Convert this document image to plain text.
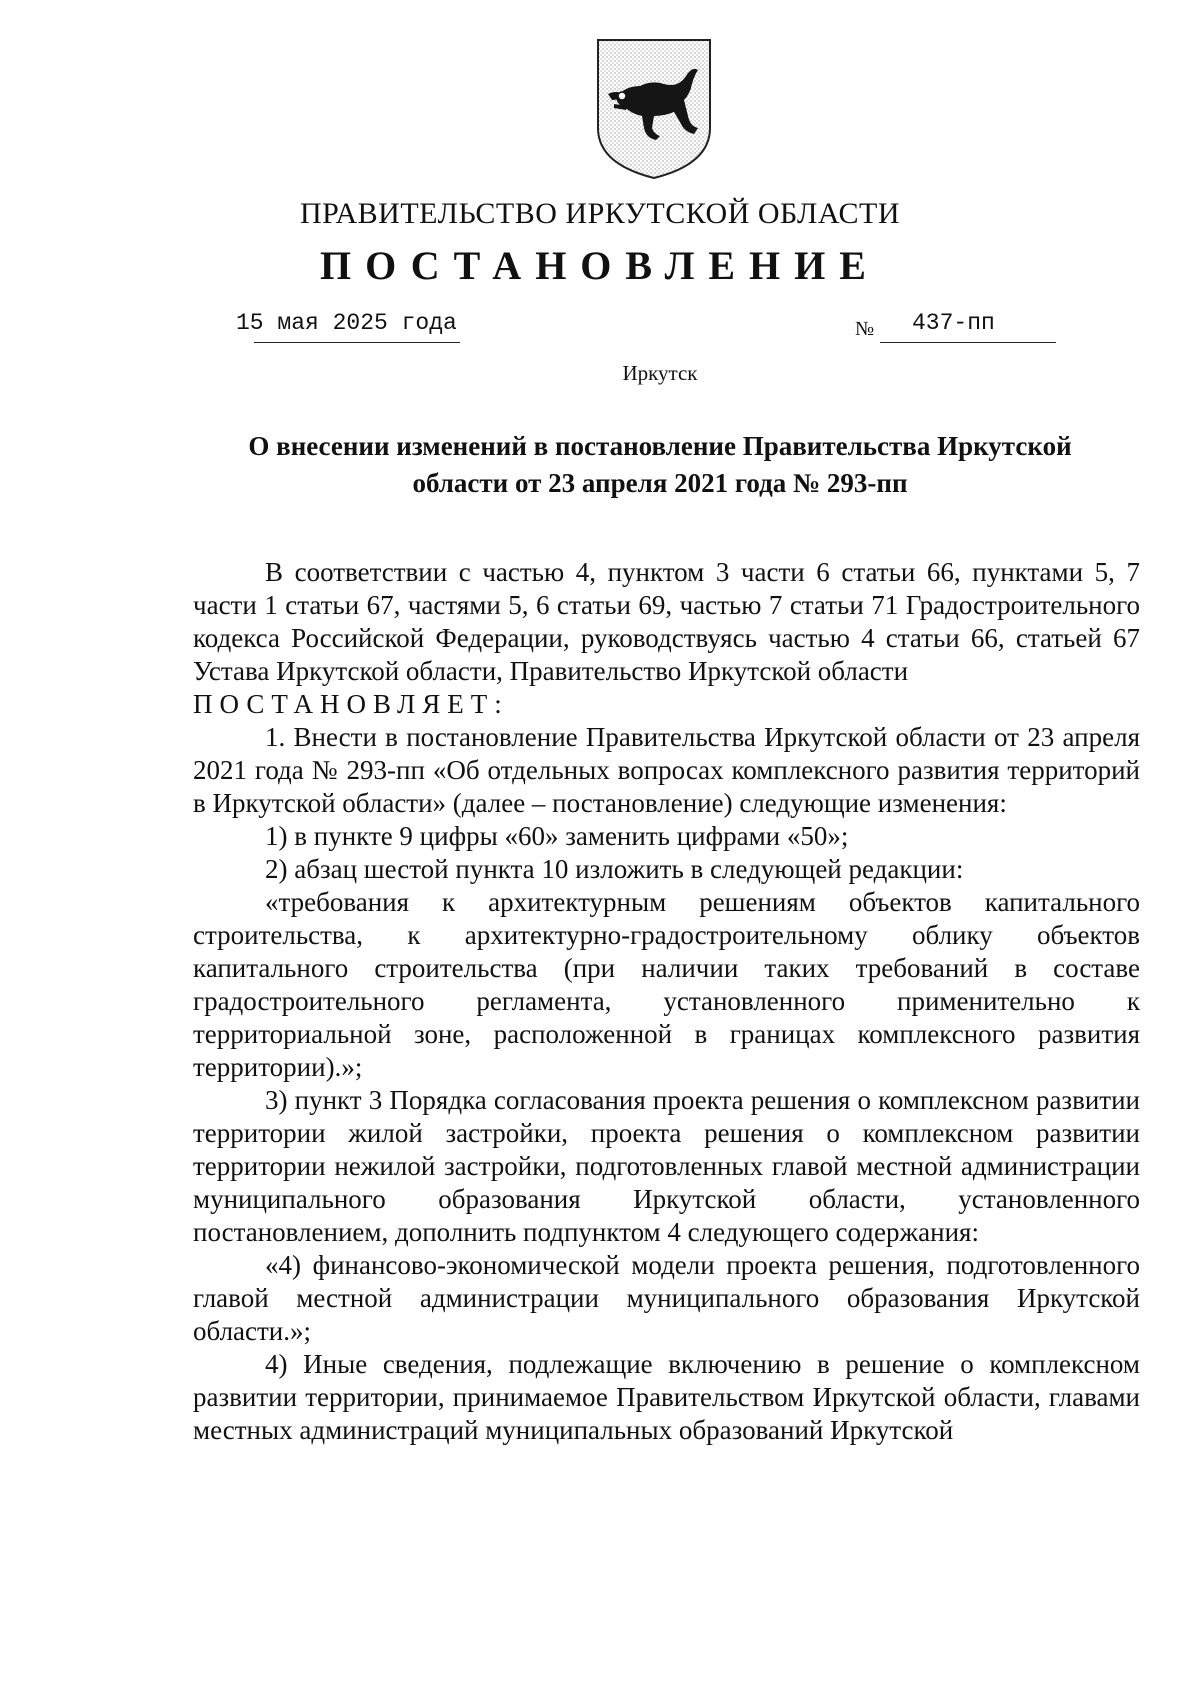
ПРАВИТЕЛЬСТВО ИРКУТСКОЙ ОБЛАСТИ
ПОСТАНОВЛЕНИЕ
15 мая 2025 года	№ 437-пп
Иркутск
О внесении изменений в постановление Правительства Иркутской области от 23 апреля 2021 года № 293-пп

В соответствии с частью 4, пунктом 3 части 6 статьи 66, пунктами 5, 7 части 1 статьи 67, частями 5, 6 статьи 69, частью 7 статьи 71 Градостроительного кодекса Российской Федерации, руководствуясь частью 4 статьи 66, статьей 67 Устава Иркутской области, Правительство Иркутской области

ПОСТАНОВЛЯЕТ:

1. Внести в постановление Правительства Иркутской области от 23 апреля 2021 года № 293-пп «Об отдельных вопросах комплексного развития территорий в Иркутской области» (далее – постановление) следующие изменения:

1) в пункте 9 цифры «60» заменить цифрами «50»;

2) абзац шестой пункта 10 изложить в следующей редакции:

«требования к архитектурным решениям объектов капитального строительства, к архитектурно-градостроительному облику объектов капитального строительства (при наличии таких требований в составе градостроительного регламента, установленного применительно к территориальной зоне, расположенной в границах комплексного развития территории).»;

3) пункт 3 Порядка согласования проекта решения о комплексном развитии территории жилой застройки, проекта решения о комплексном развитии территории нежилой застройки, подготовленных главой местной администрации муниципального образования Иркутской области, установленного постановлением, дополнить подпунктом 4 следующего содержания:

«4) финансово-экономической модели проекта решения, подготовленного главой местной администрации муниципального образования Иркутской области.»;

4) Иные сведения, подлежащие включению в решение о комплексном развитии территории, принимаемое Правительством Иркутской области, главами местных администраций муниципальных образований Иркутской
